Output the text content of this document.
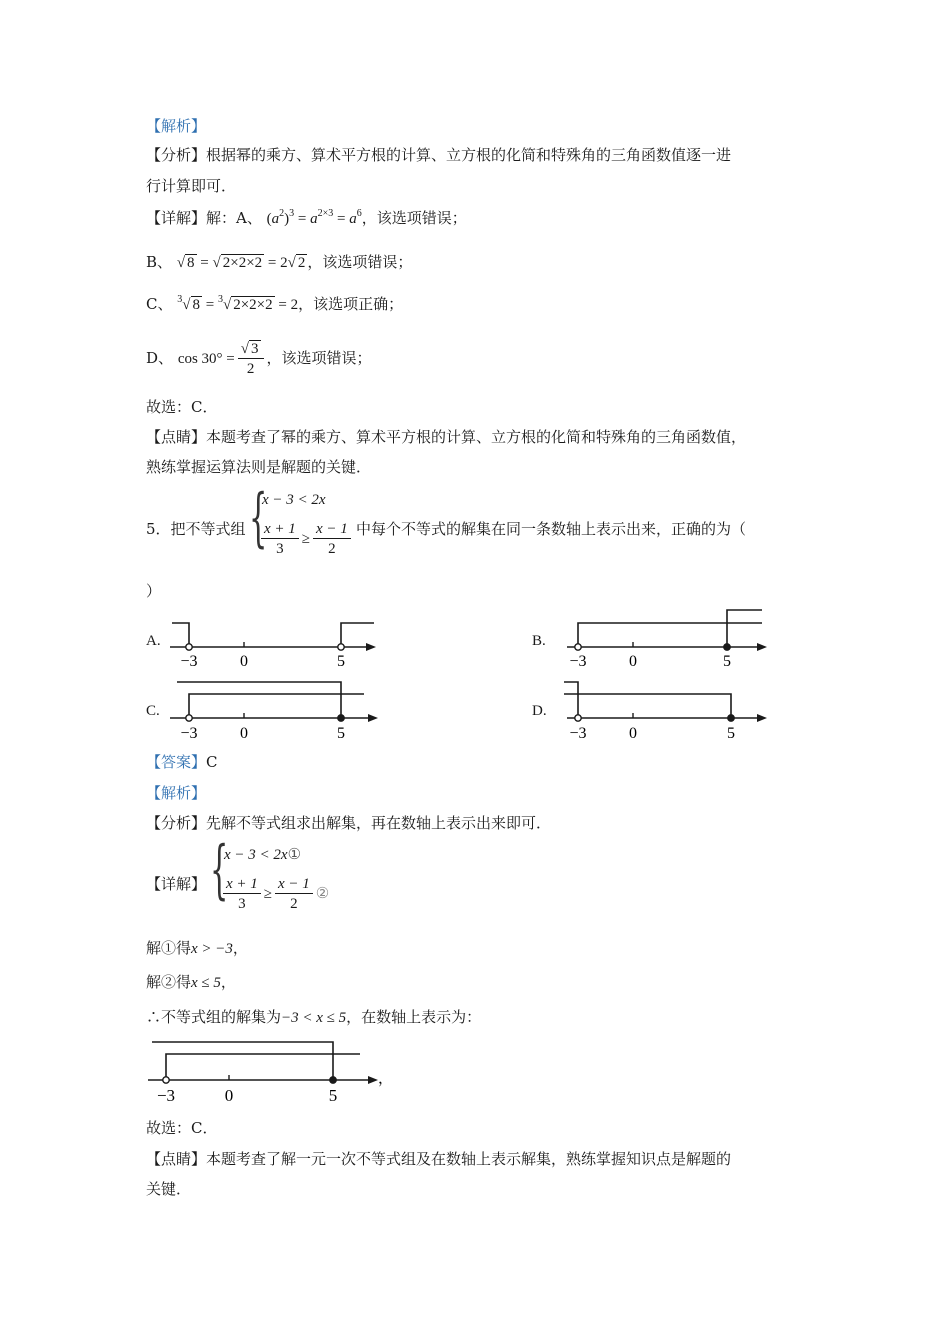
【解析】
【分析】根据幂的乘方、算术平方根的计算、立方根的化简和特殊角的三角函数值逐一进
行计算即可．
【详解】解：A、 $(a^2)^3 = a^{2\times 3} = a^6$，该选项错误；
B、 √ 8 = √ 2×2×2 = 2√ 2 ，该选项错误；
C、 $^3$√ 8 = $^3$√ 2×2×2 = 2，该选项正确；
D、 $\cos 30^\circ = \frac{√ 3}{2}$ ，该选项错误；
故选：C．
【点睛】本题考查了幂的乘方、算术平方根的计算、立方根的化简和特殊角的三角函数值，
熟练掌握运算法则是解题的关键．
5．把不等式组 {
x − 3 < 2x
$\frac{x + 1}{3} \ge \frac{x - 1}{2}$ 中每个不等式的解集在同一条数轴上表示出来，正确的为（
）
A.
−3	0	5
B.
−3	0	5
C.
−3	0	5
D.
−3	0	5
【答案】C
【解析】
【分析】先解不等式组求出解集，再在数轴上表示出来即可．
【详解】 {
x − 3 < 2x①
$\frac{x + 1}{3} \ge \frac{x - 1}{2}$ ②
解①得x > −3，
解②得x ≤ 5，
∴不等式组的解集为−3 < x ≤ 5，在数轴上表示为：
−3	0	5
，
故选：C．
【点睛】本题考查了解一元一次不等式组及在数轴上表示解集，熟练掌握知识点是解题的
关键．
